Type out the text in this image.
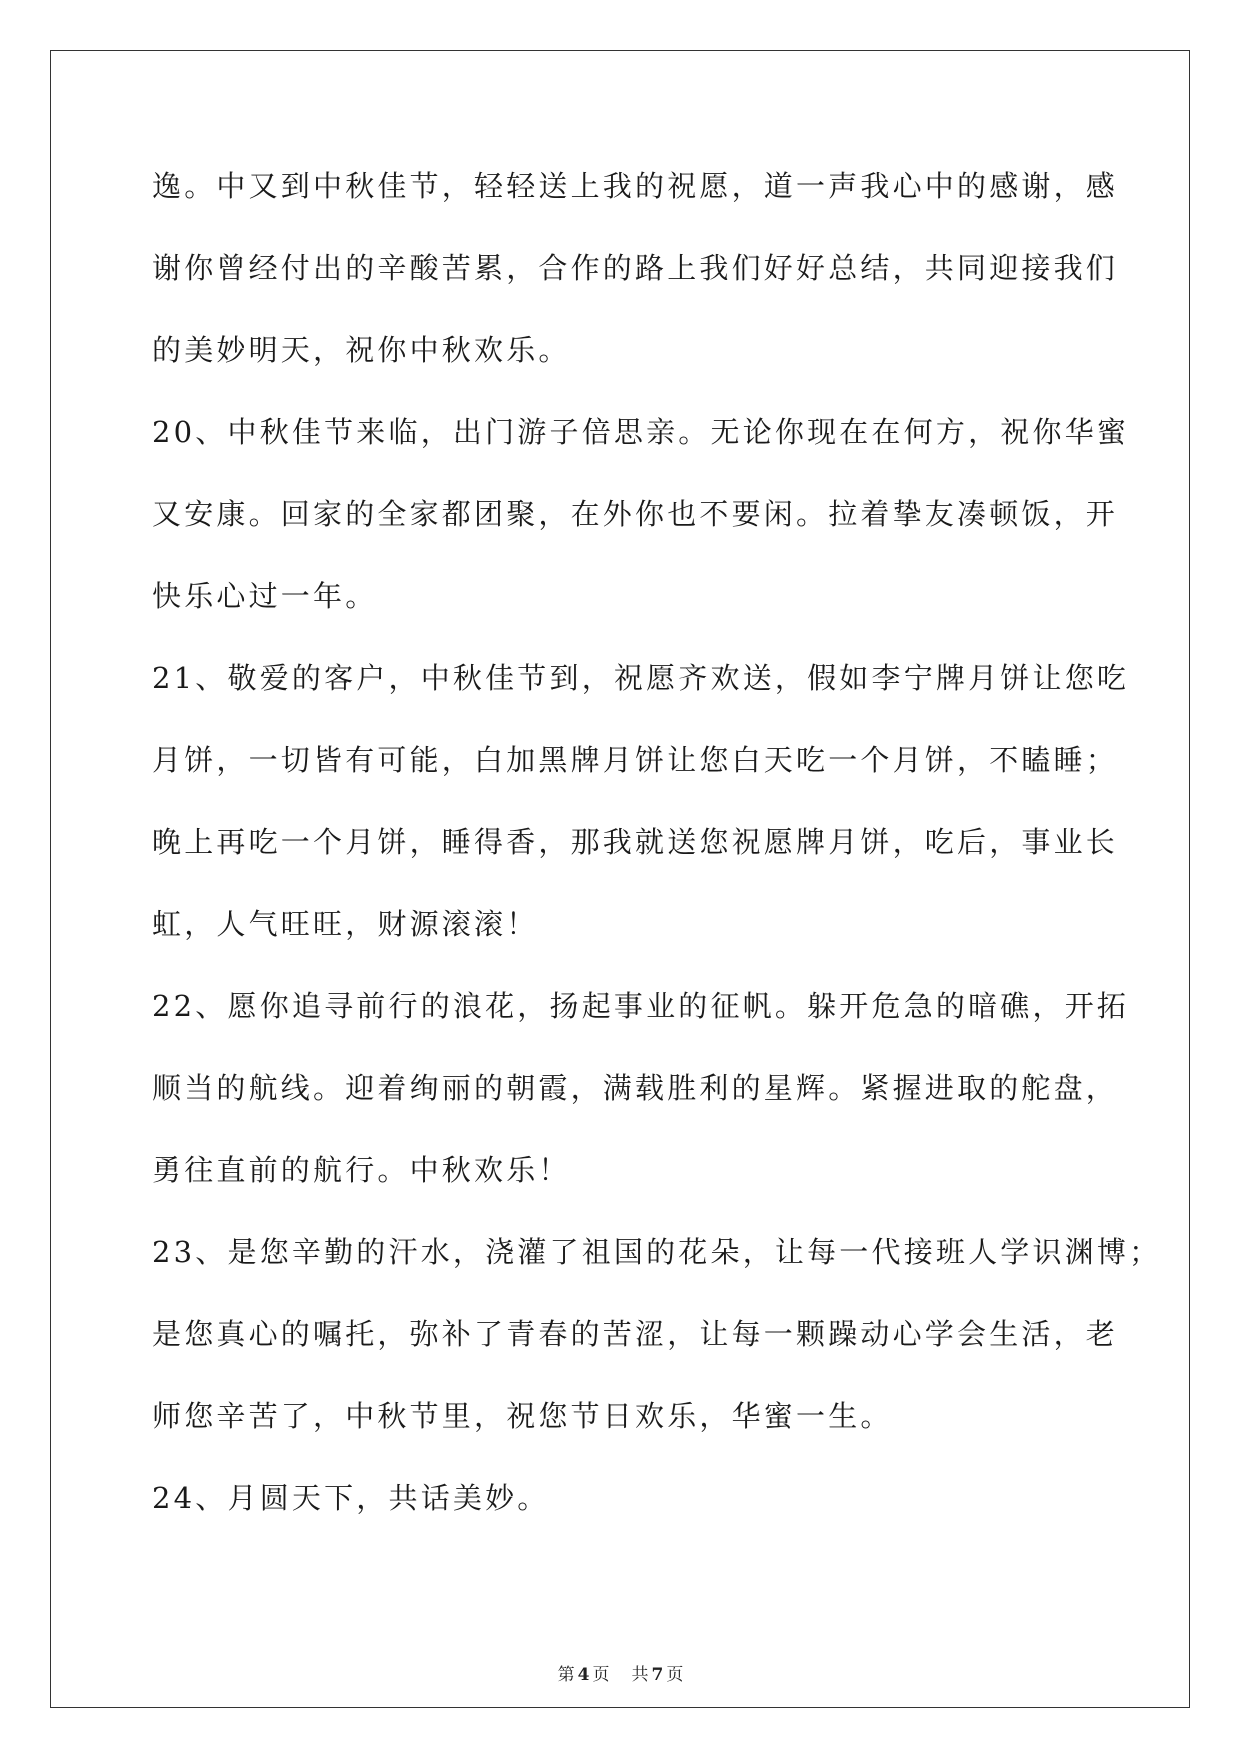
逸。中又到中秋佳节，轻轻送上我的祝愿，道一声我心中的感谢，感
谢你曾经付出的辛酸苦累，合作的路上我们好好总结，共同迎接我们
的美妙明天，祝你中秋欢乐。
20、中秋佳节来临，出门游子倍思亲。无论你现在在何方，祝你华蜜
又安康。回家的全家都团聚，在外你也不要闲。拉着挚友凑顿饭，开
快乐心过一年。
21、敬爱的客户，中秋佳节到，祝愿齐欢送，假如李宁牌月饼让您吃
月饼，一切皆有可能，白加黑牌月饼让您白天吃一个月饼，不瞌睡；
晚上再吃一个月饼，睡得香，那我就送您祝愿牌月饼，吃后，事业长
虹，人气旺旺，财源滚滚！
22、愿你追寻前行的浪花，扬起事业的征帆。躲开危急的暗礁，开拓
顺当的航线。迎着绚丽的朝霞，满载胜利的星辉。紧握进取的舵盘，
勇往直前的航行。中秋欢乐！
23、是您辛勤的汗水，浇灌了祖国的花朵，让每一代接班人学识渊博；
是您真心的嘱托，弥补了青春的苦涩，让每一颗躁动心学会生活，老
师您辛苦了，中秋节里，祝您节日欢乐，华蜜一生。
24、月圆天下，共话美妙。
第 4 页 共 7 页
